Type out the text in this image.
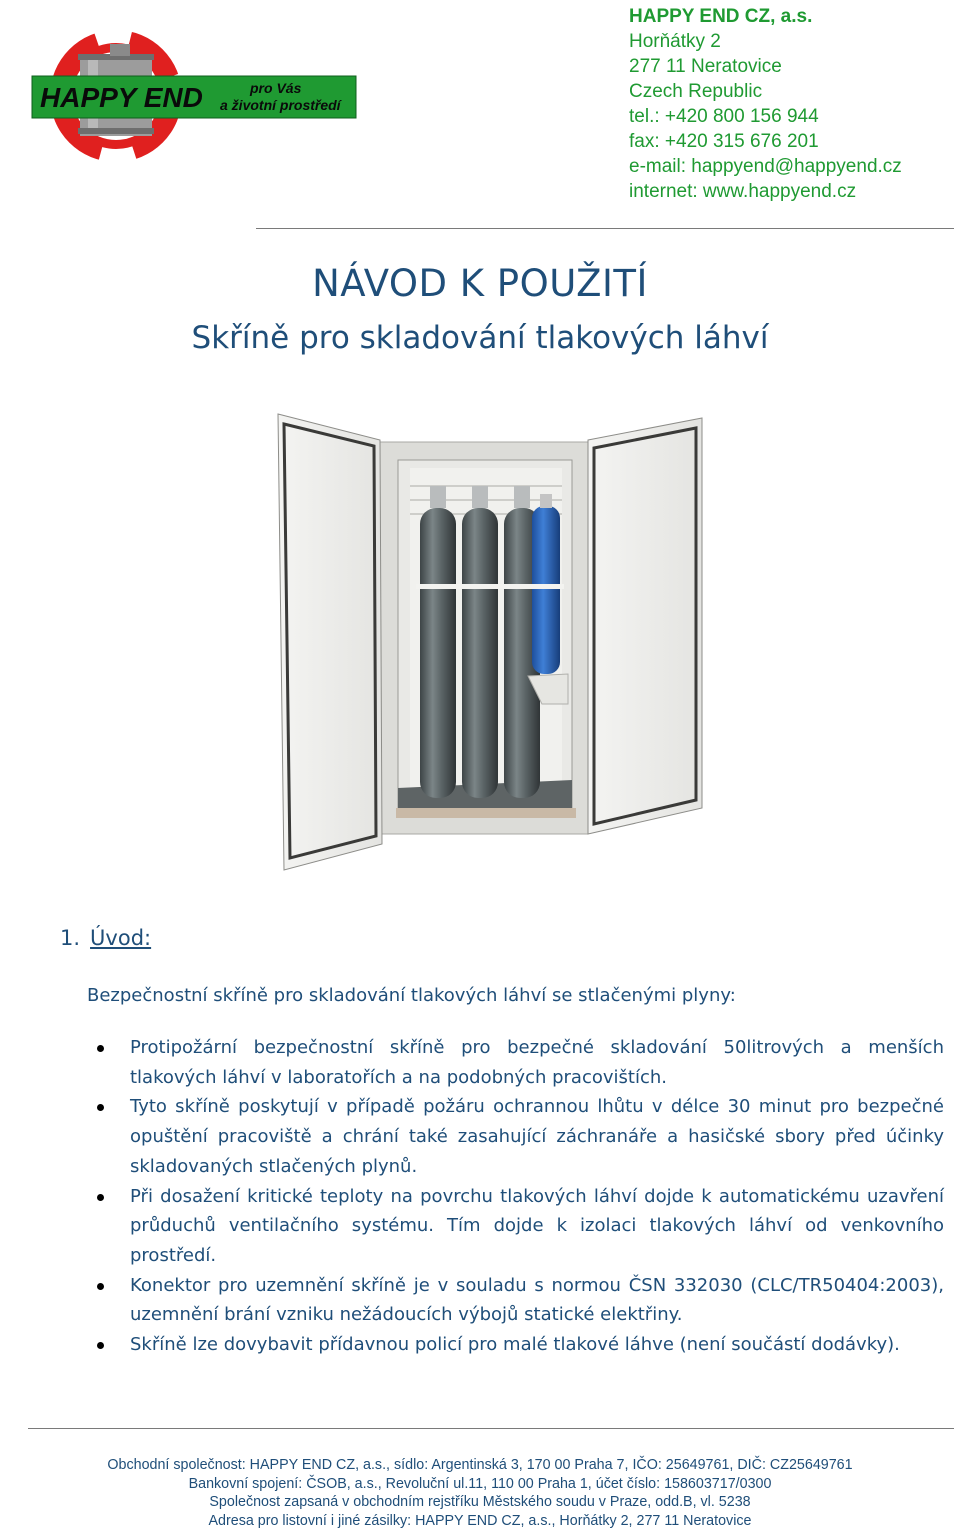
HAPPY END	pro Vás
a životní prostředí
HAPPY END CZ, a.s.
Horňátky 2
277 11 Neratovice
Czech Republic
tel.: +420 800 156 944
fax: +420 315 676 201
e-mail: happyend@happyend.cz
internet: www.happyend.cz
NÁVOD K POUŽITÍ
Skříně pro skladování tlakových láhví
1. Úvod:
Bezpečnostní skříně pro skladování tlakových láhví se stlačenými plyny:
Protipožární bezpečnostní skříně pro bezpečné skladování 50litrových a menších tlakových láhví v laboratořích a na podobných pracovištích.
Tyto skříně poskytují v případě požáru ochrannou lhůtu v délce 30 minut pro bezpečné opuštění pracoviště a chrání také zasahující záchranáře a hasičské sbory před účinky skladovaných stlačených plynů.
Při dosažení kritické teploty na povrchu tlakových láhví dojde k automatickému uzavření průduchů ventilačního systému. Tím dojde k izolaci tlakových láhví od venkovního prostředí.
Konektor pro uzemnění skříně je v souladu s normou ČSN 332030 (CLC/TR50404:2003), uzemnění brání vzniku nežádoucích výbojů statické elektřiny.
Skříně lze dovybavit přídavnou policí pro malé tlakové láhve (není součástí dodávky).
Obchodní společnost: HAPPY END CZ, a.s., sídlo: Argentinská 3, 170 00 Praha 7, IČO: 25649761, DIČ: CZ25649761
Bankovní spojení: ČSOB, a.s., Revoluční ul.11, 110 00 Praha 1, účet číslo: 158603717/0300
Společnost zapsaná v obchodním rejstříku Městského soudu v Praze, odd.B, vl. 5238
Adresa pro listovní i jiné zásilky: HAPPY END CZ, a.s., Horňátky 2, 277 11 Neratovice
